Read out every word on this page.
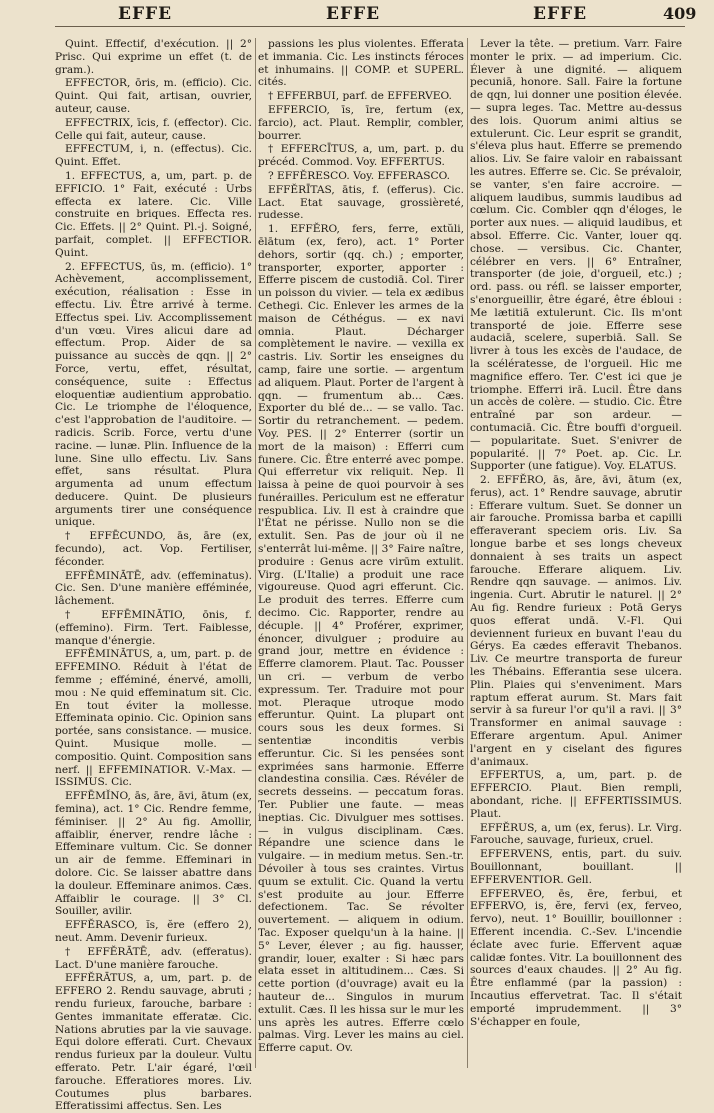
EFFE	EFFE	EFFE	409

Quint. Effectif, d'exécution. || 2° Prisc. Qui exprime un effet (t. de gram.).

EFFECTOR, ōris, m. (efficio). Cic. Quint. Qui fait, artisan, ouvrier, auteur, cause.

EFFECTRIX, īcis, f. (effector). Cic. Celle qui fait, auteur, cause.

EFFECTUM, i, n. (effectus). Cic. Quint. Effet.

1. EFFECTUS, a, um, part. p. de EFFICIO. 1° Fait, exécuté : Urbs effecta ex latere. Cic. Ville construite en briques. Effecta res. Cic. Effets. || 2° Quint. Pl.-j. Soigné, parfait, complet. || EFFECTIOR. Quint.

2. EFFECTUS, ūs, m. (efficio). 1° Achèvement, accomplissement, exécution, réalisation : Esse in effectu. Liv. Être arrivé à terme. Effectus spei. Liv. Accomplissement d'un vœu. Vires alicui dare ad effectum. Prop. Aider de sa puissance au succès de qqn. || 2° Force, vertu, effet, résultat, conséquence, suite : Effectus eloquentiæ audientium approbatio. Cic. Le triomphe de l'éloquence, c'est l'approbation de l'auditoire. — radicis. Scrib. Force, vertu d'une racine. — lunæ. Plin. Influence de la lune. Sine ullo effectu. Liv. Sans effet, sans résultat. Plura argumenta ad unum effectum deducere. Quint. De plusieurs arguments tirer une conséquence unique.

† EFFĒCUNDO, ās, āre (ex, fecundo), act. Vop. Fertiliser, féconder.

EFFĒMINĀTĒ, adv. (effeminatus). Cic. Sen. D'une manière efféminée, lâchement.

† EFFĒMINĀTIO, ōnis, f. (effemino). Firm. Tert. Faiblesse, manque d'énergie.

EFFĒMINĀTUS, a, um, part. p. de EFFEMINO. Réduit à l'état de femme ; efféminé, énervé, amolli, mou : Ne quid effeminatum sit. Cic. En tout éviter la mollesse. Effeminata opinio. Cic. Opinion sans portée, sans consistance. — musice. Quint. Musique molle. — compositio. Quint. Composition sans nerf. || EFFEMINATIOR. V.-Max. — ISSIMUS. Cic.

EFFĒMĬNO, ās, āre, āvi, ātum (ex, femina), act. 1° Cic. Rendre femme, féminiser. || 2° Au fig. Amollir, affaiblir, énerver, rendre lâche : Effeminare vultum. Cic. Se donner un air de femme. Effeminari in dolore. Cic. Se laisser abattre dans la douleur. Effeminare animos. Cæs. Affaiblir le courage. || 3° Cl. Souiller, avilir.

EFFĔRASCO, ĭs, ĕre (effero 2), neut. Amm. Devenir furieux.

† EFFĔRĀTĒ, adv. (efferatus). Lact. D'une manière farouche.

EFFĔRĀTUS, a, um, part. p. de EFFERO 2. Rendu sauvage, abruti ; rendu furieux, farouche, barbare : Gentes immanitate efferatæ. Cic. Nations abruties par la vie sauvage. Equi dolore efferati. Curt. Chevaux rendus furieux par la douleur. Vultu efferato. Petr. L'air égaré, l'œil farouche. Efferatiores mores. Liv. Coutumes plus barbares. Efferatissimi affectus. Sen. Les

passions les plus violentes. Efferata et immania. Cic. Les instincts féroces et inhumains. || COMP. et SUPERL. cités.

† EFFERBUI, parf. de EFFERVEO.

EFFERCIO, īs, īre, fertum (ex, farcio), act. Plaut. Remplir, combler, bourrer.

† EFFERCĪTUS, a, um, part. p. du précéd. Commod. Voy. EFFERTUS.

? EFFĔRESCO. Voy. EFFERASCO.

EFFĔRĪTAS, ātis, f. (efferus). Cic. Lact. Etat sauvage, grossièreté, rudesse.

1. EFFĔRO, fers, ferre, extŭli, ēlātum (ex, fero), act. 1° Porter dehors, sortir (qq. ch.) ; emporter, transporter, exporter, apporter : Efferre piscem de custodiā. Col. Tirer un poisson du vivier. — tela ex ædibus Cethegi. Cic. Enlever les armes de la maison de Céthégus. — ex navi omnia. Plaut. Décharger complètement le navire. — vexilla ex castris. Liv. Sortir les enseignes du camp, faire une sortie. — argentum ad aliquem. Plaut. Porter de l'argent à qqn. — frumentum ab... Cæs. Exporter du blé de... — se vallo. Tac. Sortir du retranchement. — pedem. Voy. PES. || 2° Enterrer (sortir un mort de la maison) : Efferri cum funere. Cic. Être enterré avec pompe. Qui efferretur vix reliquit. Nep. Il laissa à peine de quoi pourvoir à ses funérailles. Periculum est ne efferatur respublica. Liv. Il est à craindre que l'État ne périsse. Nullo non se die extulit. Sen. Pas de jour où il ne s'enterrât lui-même. || 3° Faire naître, produire : Genus acre virūm extulit. Virg. (L'Italie) a produit une race vigoureuse. Quod agri efferunt. Cic. Le produit des terres. Efferre cum decimo. Cic. Rapporter, rendre au décuple. || 4° Proférer, exprimer, énoncer, divulguer ; produire au grand jour, mettre en évidence : Efferre clamorem. Plaut. Tac. Pousser un cri. — verbum de verbo expressum. Ter. Traduire mot pour mot. Pleraque utroque modo efferuntur. Quint. La plupart ont cours sous les deux formes. Si sententiæ inconditis verbis efferuntur. Cic. Si les pensées sont exprimées sans harmonie. Efferre clandestina consilia. Cæs. Révéler de secrets desseins. — peccatum foras. Ter. Publier une faute. — meas ineptias. Cic. Divulguer mes sottises. — in vulgus disciplinam. Cæs. Répandre une science dans le vulgaire. — in medium metus. Sen.-tr. Dévoiler à tous ses craintes. Virtus quum se extulit. Cic. Quand la vertu s'est produite au jour. Efferre defectionem. Tac. Se révolter ouvertement. — aliquem in odium. Tac. Exposer quelqu'un à la haine. || 5° Lever, élever ; au fig. hausser, grandir, louer, exalter : Si hæc pars elata esset in altitudinem... Cæs. Si cette portion (d'ouvrage) avait eu la hauteur de... Singulos in murum extulit. Cæs. Il les hissa sur le mur les uns après les autres. Efferre cœlo palmas. Virg. Lever les mains au ciel. Efferre caput. Ov.

Lever la tête. — pretium. Varr. Faire monter le prix. — ad imperium. Cic. Élever à une dignité. — aliquem pecuniā, honore. Sall. Faire la fortune de qqn, lui donner une position élevée. — supra leges. Tac. Mettre au-dessus des lois. Quorum animi altius se extulerunt. Cic. Leur esprit se grandit, s'éleva plus haut. Efferre se premendo alios. Liv. Se faire valoir en rabaissant les autres. Efferre se. Cic. Se prévaloir, se vanter, s'en faire accroire. — aliquem laudibus, summis laudibus ad cœlum. Cic. Combler qqn d'éloges, le porter aux nues. — aliquid laudibus, et absol. Efferre. Cic. Vanter, louer qq. chose. — versibus. Cic. Chanter, célébrer en vers. || 6° Entraîner, transporter (de joie, d'orgueil, etc.) ; ord. pass. ou réfl. se laisser emporter, s'enorgueillir, être égaré, être ébloui : Me lætitiā extulerunt. Cic. Ils m'ont transporté de joie. Efferre sese audaciā, scelere, superbiā. Sall. Se livrer à tous les excès de l'audace, de la scélératesse, de l'orgueil. Hic me magnifice effero. Ter. C'est ici que je triomphe. Efferri irā. Lucil. Être dans un accès de colère. — studio. Cic. Être entraîné par son ardeur. — contumaciā. Cic. Être bouffi d'orgueil. — popularitate. Suet. S'enivrer de popularité. || 7° Poet. ap. Cic. Lr. Supporter (une fatigue). Voy. ELATUS.

2. EFFĔRO, ās, āre, āvi, ātum (ex, ferus), act. 1° Rendre sauvage, abrutir : Efferare vultum. Suet. Se donner un air farouche. Promissa barba et capilli efferaverant speciem oris. Liv. Sa longue barbe et ses longs cheveux donnaient à ses traits un aspect farouche. Efferare aliquem. Liv. Rendre qqn sauvage. — animos. Liv. ingenia. Curt. Abrutir le naturel. || 2° Au fig. Rendre furieux : Potā Gerys quos efferat undā. V.-Fl. Qui deviennent furieux en buvant l'eau du Gérys. Ea cædes efferavit Thebanos. Liv. Ce meurtre transporta de fureur les Thébains. Efferantia sese ulcera. Plin. Plaies qui s'enveniment. Mars raptum efferat aurum. St. Mars fait servir à sa fureur l'or qu'il a ravi. || 3° Transformer en animal sauvage : Efferare argentum. Apul. Animer l'argent en y ciselant des figures d'animaux.

EFFERTUS, a, um, part. p. de EFFERCIO. Plaut. Bien rempli, abondant, riche. || EFFERTISSIMUS. Plaut.

EFFĔRUS, a, um (ex, ferus). Lr. Virg. Farouche, sauvage, furieux, cruel.

EFFERVENS, entis, part. du suiv. Bouillonnant, bouillant. || EFFERVENTIOR. Gell.

EFFERVEO, ēs, ēre, ferbui, et EFFERVO, is, ĕre, fervi (ex, ferveo, fervo), neut. 1° Bouillir, bouillonner : Efferent incendia. C.-Sev. L'incendie éclate avec furie. Effervent aquæ calidæ fontes. Vitr. La bouillonnent des sources d'eaux chaudes. || 2° Au fig. Être enflammé (par la passion) : Incautius effervetrat. Tac. Il s'était emporté imprudemment. || 3° S'échapper en foule,
